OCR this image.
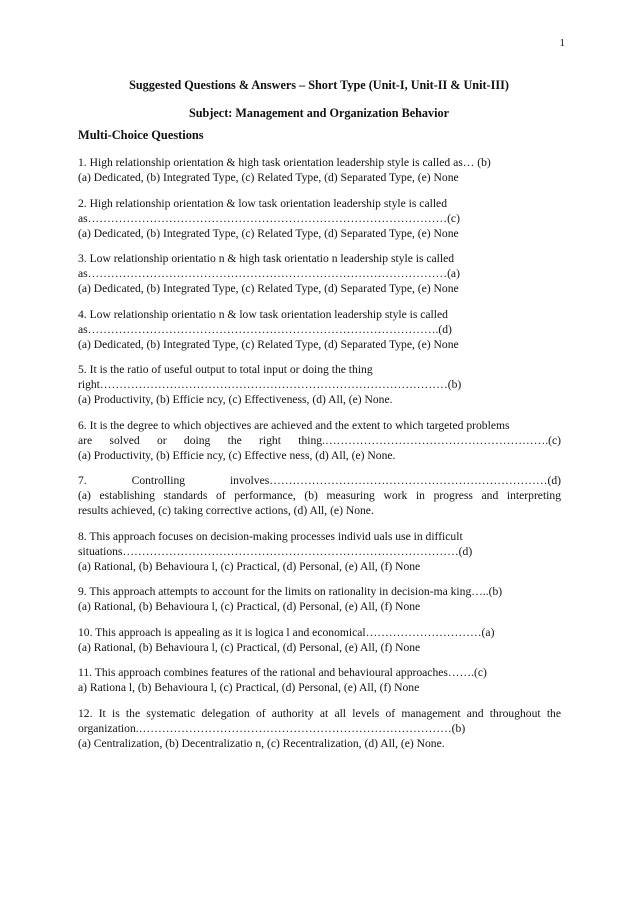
1
Suggested Questions & Answers – Short Type (Unit-I, Unit-II & Unit-III)
Subject: Management and Organization Behavior
Multi-Choice Questions
1. High relationship orientation & high task orientation leadership style is called as… (b)
(a) Dedicated, (b) Integrated Type, (c) Related Type, (d) Separated Type, (e) None
2. High relationship orientation & low task orientation leadership style is called
as…………………………………………………………………………………(c)
(a) Dedicated, (b) Integrated Type, (c) Related Type, (d) Separated Type, (e) None
3. Low relationship orientatio n & high task orientatio n leadership style is called
as…………………………………………………………………………………(a)
(a) Dedicated, (b) Integrated Type, (c) Related Type, (d) Separated Type, (e) None
4. Low relationship orientatio n & low task orientation leadership style is called
as……………………………………………………………………………….(d)
(a) Dedicated, (b) Integrated Type, (c) Related Type, (d) Separated Type, (e) None
5. It is the ratio of useful output to total input or doing the thing
right………………………………………………………………………………(b)
(a) Productivity, (b) Efficie ncy, (c) Effectiveness, (d) All, (e) None.
6. It is the degree to which objectives are achieved and the extent to which targeted problems
are solved or doing the right thing.………………………………………………….(c)
(a) Productivity, (b) Efficie ncy, (c) Effective ness, (d) All, (e) None.
7. Controlling involves………………………………………………………………(d)
(a) establishing standards of performance, (b) measuring work in progress and interpreting
results achieved, (c) taking corrective actions, (d) All, (e) None.
8. This approach focuses on decision-making processes individ uals use in difficult
situations……………………………………………………………………………(d)
(a) Rational, (b) Behavioura l, (c) Practical, (d) Personal, (e) All, (f) None
9. This approach attempts to account for the limits on rationality in decision-ma king…..(b)
(a) Rational, (b) Behavioura l, (c) Practical, (d) Personal, (e) All, (f) None
10. This approach is appealing as it is logica l and economical…………………………(a)
(a) Rational, (b) Behavioura l, (c) Practical, (d) Personal, (e) All, (f) None
11. This approach combines features of the rational and behavioural approaches…….(c)
a) Rationa l, (b) Behavioura l, (c) Practical, (d) Personal, (e) All, (f) None
12. It is the systematic delegation of authority at all levels of management and throughout the
organization.………………………………………………………………………(b)
(a) Centralization, (b) Decentralizatio n, (c) Recentralization, (d) All, (e) None.
